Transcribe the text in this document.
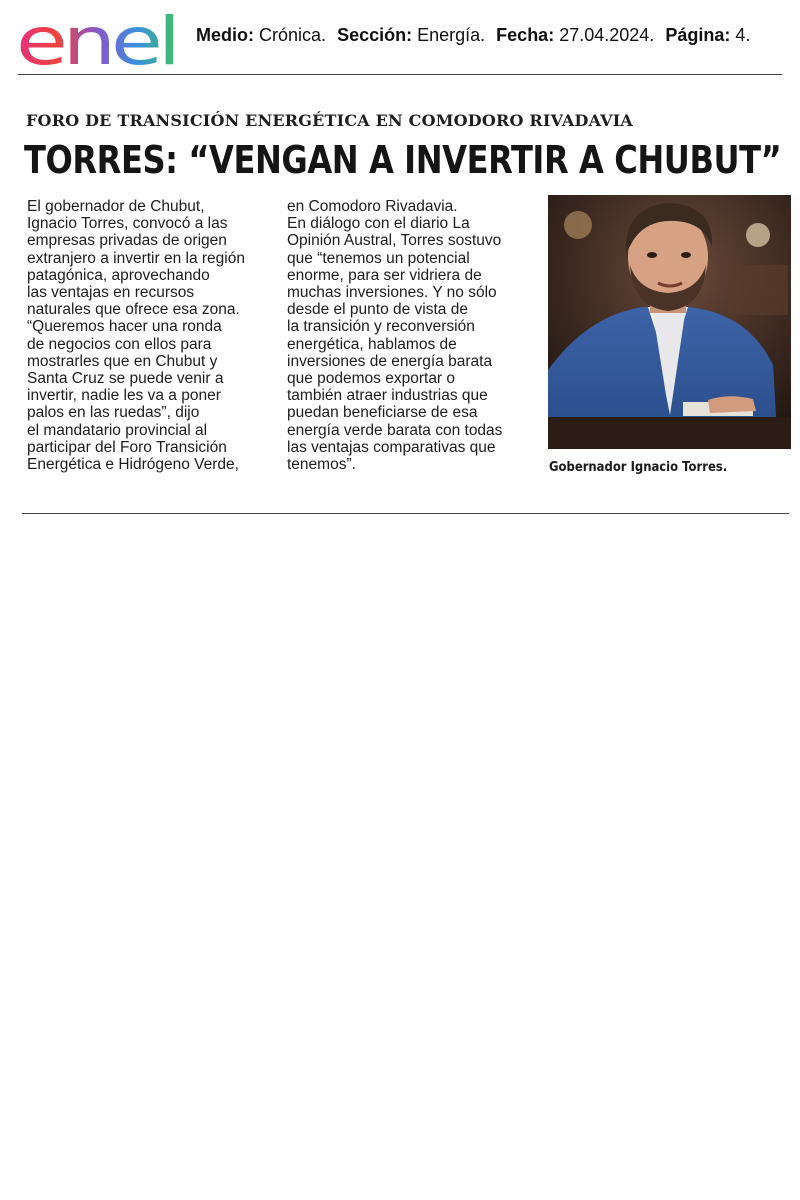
enel Medio: Crónica. Sección: Energía. Fecha: 27.04.2024. Página: 4.
FORO DE TRANSICIÓN ENERGÉTICA EN COMODORO RIVADAVIA
TORRES: “VENGAN A INVERTIR A CHUBUT”
El gobernador de Chubut,
Ignacio Torres, convocó a las
empresas privadas de origen
extranjero a invertir en la región
patagónica, aprovechando
las ventajas en recursos
naturales que ofrece esa zona.
“Queremos hacer una ronda
de negocios con ellos para
mostrarles que en Chubut y
Santa Cruz se puede venir a
invertir, nadie les va a poner
palos en las ruedas”, dijo
el mandatario provincial al
participar del Foro Transición
Energética e Hidrógeno Verde,
en Comodoro Rivadavia.
En diálogo con el diario La
Opinión Austral, Torres sostuvo
que “tenemos un potencial
enorme, para ser vidriera de
muchas inversiones. Y no sólo
desde el punto de vista de
la transición y reconversión
energética, hablamos de
inversiones de energía barata
que podemos exportar o
también atraer industrias que
puedan beneficiarse de esa
energía verde barata con todas
las ventajas comparativas que
tenemos”.	Gobernador Ignacio Torres.
